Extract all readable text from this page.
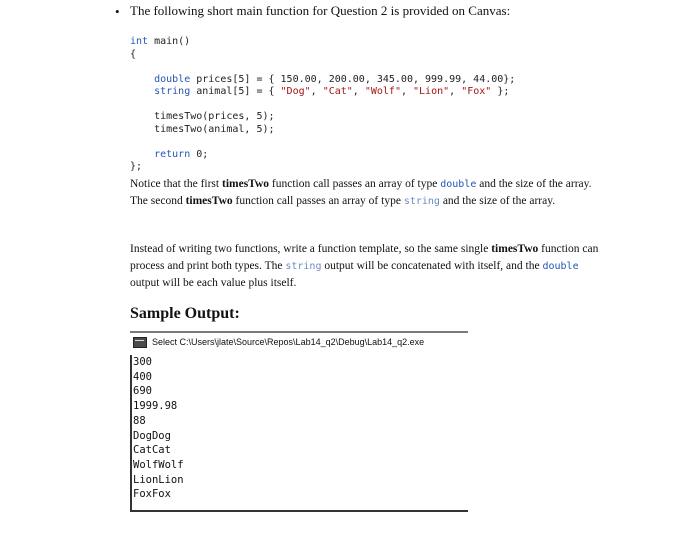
• The following short main function for Question 2 is provided on Canvas:
int main()
{

double prices[5] = { 150.00, 200.00, 345.00, 999.99, 44.00};
string animal[5] = { "Dog", "Cat", "Wolf", "Lion", "Fox" };

timesTwo(prices, 5);
timesTwo(animal, 5);

return 0;
};

Notice that the first timesTwo function call passes an array of type double and the size of the array. The second timesTwo function call passes an array of type string and the size of the array.

Instead of writing two functions, write a function template, so the same single timesTwo function can process and print both types. The string output will be concatenated with itself, and the double output will be each value plus itself.

Sample Output:
Select C:\Users\jlate\Source\Repos\Lab14_q2\Debug\Lab14_q2.exe
300
400
690
1999.98
88
DogDog
CatCat
WolfWolf
LionLion
FoxFox
